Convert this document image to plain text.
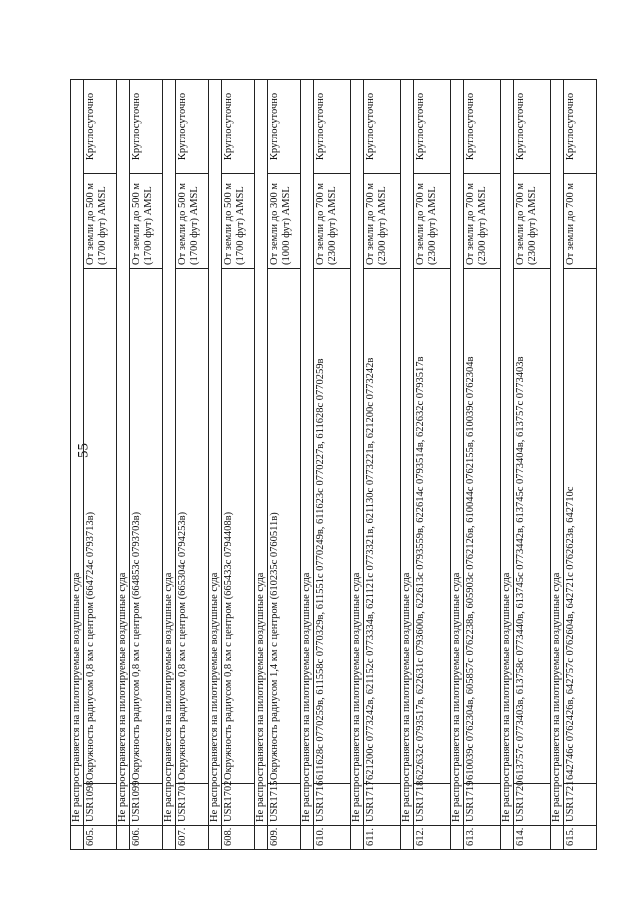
55
	Не распространяется на пилотируемые воздушные суда			
605.	USR1098	Окружность радиусом 0,8 км с центром (664724с 0793713в)	От земли до 500 м (1700 фут) AMSL	Круглосуточно
	Не распространяется на пилотируемые воздушные суда			
606.	USR1099	Окружность радиусом 0,8 км с центром (664853с 0793703в)	От земли до 500 м (1700 фут) AMSL	Круглосуточно
	Не распространяется на пилотируемые воздушные суда			
607.	USR1701	Окружность радиусом 0,8 км с центром (665304с 0794253в)	От земли до 500 м (1700 фут) AMSL	Круглосуточно
	Не распространяется на пилотируемые воздушные суда			
608.	USR1702	Окружность радиусом 0,8 км с центром (665433с 0794408в)	От земли до 500 м (1700 фут) AMSL	Круглосуточно
	Не распространяется на пилотируемые воздушные суда			
609.	USR1715	Окружность радиусом 1,4 км с центром (610235с 0760511в)	От земли до 300 м (1000 фут) AMSL	Круглосуточно
	Не распространяется на пилотируемые воздушные суда			
610.	USR1716	611628с 0770259в, 611558с 0770329в, 611551с 0770249в, 611623с 0770227в, 611628с 0770259в	От земли до 700 м (2300 фут) AMSL	Круглосуточно
	Не распространяется на пилотируемые воздушные суда			
611.	USR1717	621200с 0773242в, 621152с 0773334в, 621121с 0773321в, 621130с 0773221в, 621200с 0773242в	От земли до 700 м (2300 фут) AMSL	Круглосуточно
	Не распространяется на пилотируемые воздушные суда			
612.	USR1718	622632с 0793517в, 622631с 0793600в, 622613с 0793559в, 622614с 0793514в, 622632с 0793517в	От земли до 700 м (2300 фут) AMSL	Круглосуточно
	Не распространяется на пилотируемые воздушные суда			
613.	USR1719	610039с 0762304в, 605857с 0762238в, 605903с 0762126в, 610044с 0762155в, 610039с 0762304в	От земли до 700 м (2300 фут) AMSL	Круглосуточно
	Не распространяется на пилотируемые воздушные суда			
614.	USR1720	613757с 0773403в, 613758с 0773440в, 613745с 0773442в, 613745с 0773404в, 613757с 0773403в	От земли до 700 м (2300 фут) AMSL	Круглосуточно
	Не распространяется на пилотируемые воздушные суда			
615.	USR1721	642746с 0762426в, 642757с 0762604в, 642721с 0762623в, 642710с	От земли до 700 м	Круглосуточно
